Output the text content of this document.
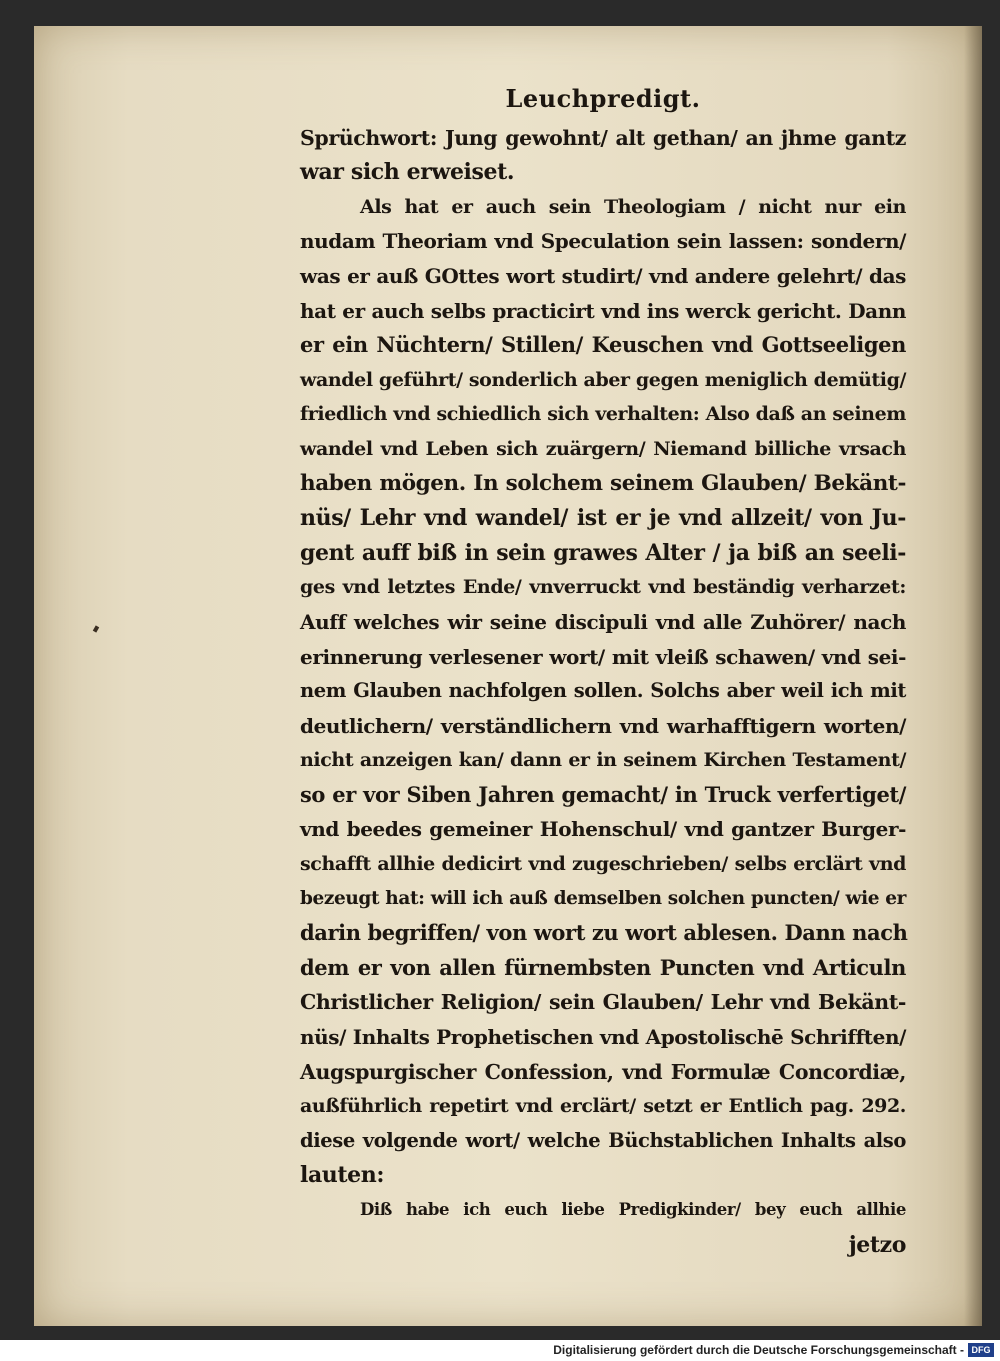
Leuchpredigt.
Sprüchwort: Jung gewohnt/ alt gethan/ an jhme gantz
war sich erweiset.
Als hat er auch sein Theologiam / nicht nur ein
nudam Theoriam vnd Speculation sein lassen: sondern/
was er auß GOttes wort studirt/ vnd andere gelehrt/ das
hat er auch selbs practicirt vnd ins werck gericht. Dann
er ein Nüchtern/ Stillen/ Keuschen vnd Gottseeligen
wandel geführt/ sonderlich aber gegen meniglich demütig/
friedlich vnd schiedlich sich verhalten: Also daß an seinem
wandel vnd Leben sich zuärgern/ Niemand billiche vrsach
haben mögen. In solchem seinem Glauben/ Bekänt-
nüs/ Lehr vnd wandel/ ist er je vnd allzeit/ von Ju-
gent auff biß in sein grawes Alter / ja biß an seeli-
ges vnd letztes Ende/ vnverruckt vnd beständig verharzet:
Auff welches wir seine discipuli vnd alle Zuhörer/ nach
erinnerung verlesener wort/ mit vleiß schawen/ vnd sei-
nem Glauben nachfolgen sollen. Solchs aber weil ich mit
deutlichern/ verständlichern vnd warhafftigern worten/
nicht anzeigen kan/ dann er in seinem Kirchen Testament/
so er vor Siben Jahren gemacht/ in Truck verfertiget/
vnd beedes gemeiner Hohenschul/ vnd gantzer Burger-
schafft allhie dedicirt vnd zugeschrieben/ selbs erclärt vnd
bezeugt hat: will ich auß demselben solchen puncten/ wie er
darin begriffen/ von wort zu wort ablesen. Dann nach
dem er von allen fürnembsten Puncten vnd Articuln
Christlicher Religion/ sein Glauben/ Lehr vnd Bekänt-
nüs/ Inhalts Prophetischen vnd Apostolischē Schrifften/
Augspurgischer Confession, vnd Formulæ Concordiæ,
außführlich repetirt vnd erclärt/ setzt er Entlich pag. 292.
diese volgende wort/ welche Büchstablichen Inhalts also
lauten:
Diß habe ich euch liebe Predigkinder/ bey euch allhie
jetzo
Digitalisierung gefördert durch die Deutsche Forschungsgemeinschaft - DFG
